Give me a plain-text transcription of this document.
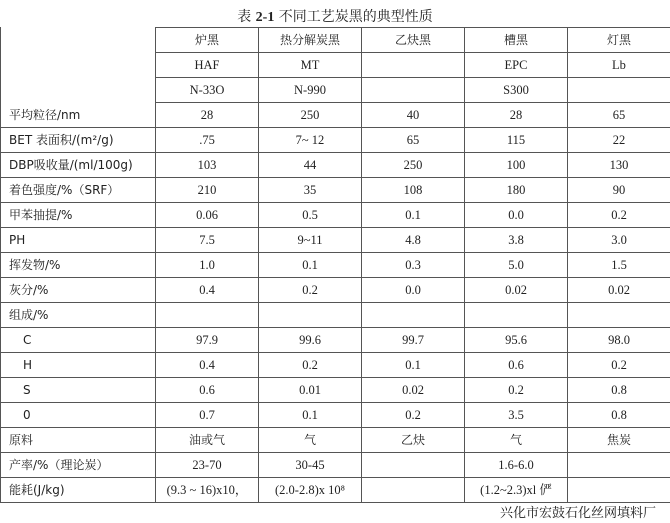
表 2-1 不同工艺炭黑的典型性质
	炉黑	热分解炭黑	乙炔黑	槽黑	灯黑
	HAF	MT		EPC	Lb
	N-33O	N-990		S300	
平均粒径/nm	28	250	40	28	65
BET 表面积/(m²/g)	.75	7~ 12	65	115	22
DBP吸收量/(ml/100g)	103	44	250	100	130
着色强度/%（SRF）	210	35	108	180	90
甲苯抽提/%	0.06	0.5	0.1	0.0	0.2
PH	7.5	9~11	4.8	3.8	3.0
挥发物/%	1.0	0.1	0.3	5.0	1.5
灰分/%	0.4	0.2	0.0	0.02	0.02
组成/%					
C	97.9	99.6	99.7	95.6	98.0
H	0.4	0.2	0.1	0.6	0.2
S	0.6	0.01	0.02	0.2	0.8
0	0.7	0.1	0.2	3.5	0.8
原料	油或气	气	乙炔	气	焦炭
产率/%（理论炭）	23-70	30-45		1.6-6.0	
能耗(J/kg)	(9.3 ~ 16)x10，	(2.0-2.8)x 10⁸		(1.2~2.3)xl 俨	
兴化市宏鼓石化丝网填料厂
